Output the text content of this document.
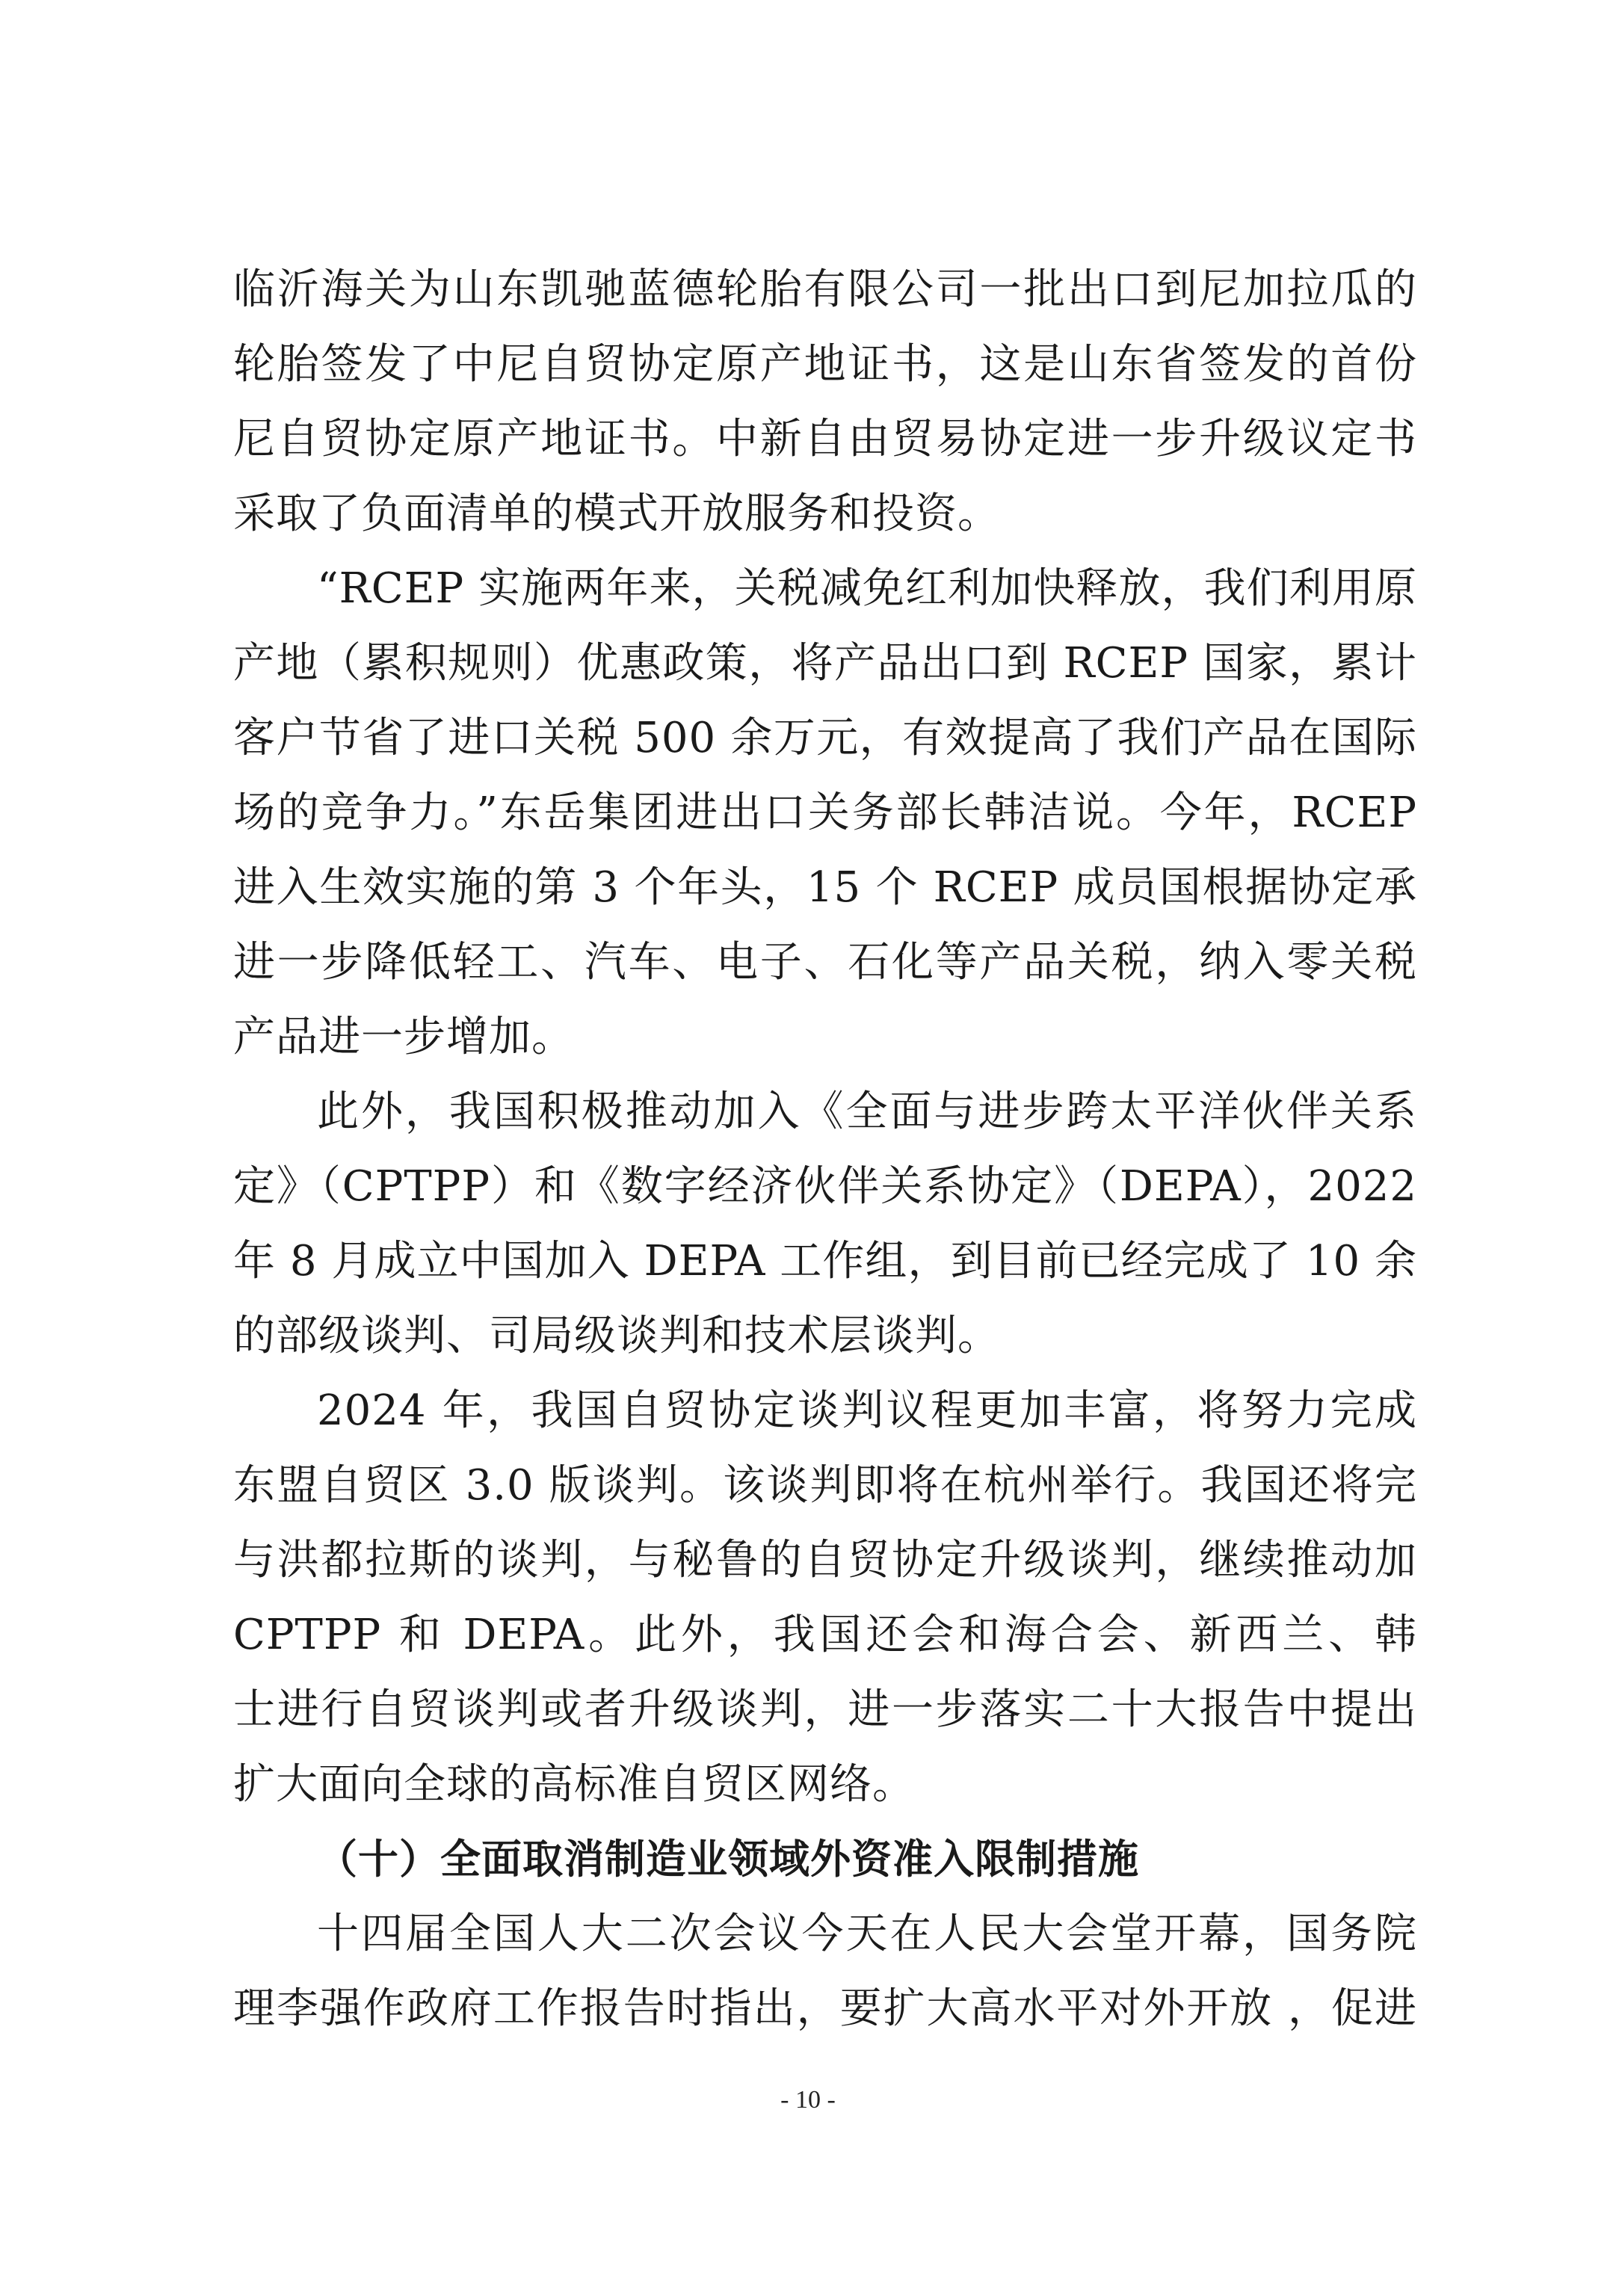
临沂海关为山东凯驰蓝德轮胎有限公司一批出口到尼加拉瓜的
轮胎签发了中尼自贸协定原产地证书，这是山东省签发的首份
尼自贸协定原产地证书。中新自由贸易协定进一步升级议定书
采取了负面清单的模式开放服务和投资。
“RCEP 实施两年来，关税减免红利加快释放，我们利用原
产地（累积规则）优惠政策，将产品出口到 RCEP 国家，累计
客户节省了进口关税 500 余万元，有效提高了我们产品在国际
场的竞争力。”东岳集团进出口关务部长韩洁说。今年，RCEP
进入生效实施的第 3 个年头，15 个 RCEP 成员国根据协定承
进一步降低轻工、汽车、电子、石化等产品关税，纳入零关税
产品进一步增加。
此外，我国积极推动加入《全面与进步跨太平洋伙伴关系
定》（CPTPP）和《数字经济伙伴关系协定》（DEPA），2022
年 8 月成立中国加入 DEPA 工作组，到目前已经完成了 10 余
的部级谈判、司局级谈判和技术层谈判。
2024 年，我国自贸协定谈判议程更加丰富，将努力完成
东盟自贸区 3.0 版谈判。该谈判即将在杭州举行。我国还将完
与洪都拉斯的谈判，与秘鲁的自贸协定升级谈判，继续推动加
CPTPP 和 DEPA。此外，我国还会和海合会、新西兰、韩
士进行自贸谈判或者升级谈判，进一步落实二十大报告中提出
扩大面向全球的高标准自贸区网络。
（十）全面取消制造业领域外资准入限制措施
十四届全国人大二次会议今天在人民大会堂开幕，国务院
理李强作政府工作报告时指出，要扩大高水平对外开放 ，促进
- 10 -
